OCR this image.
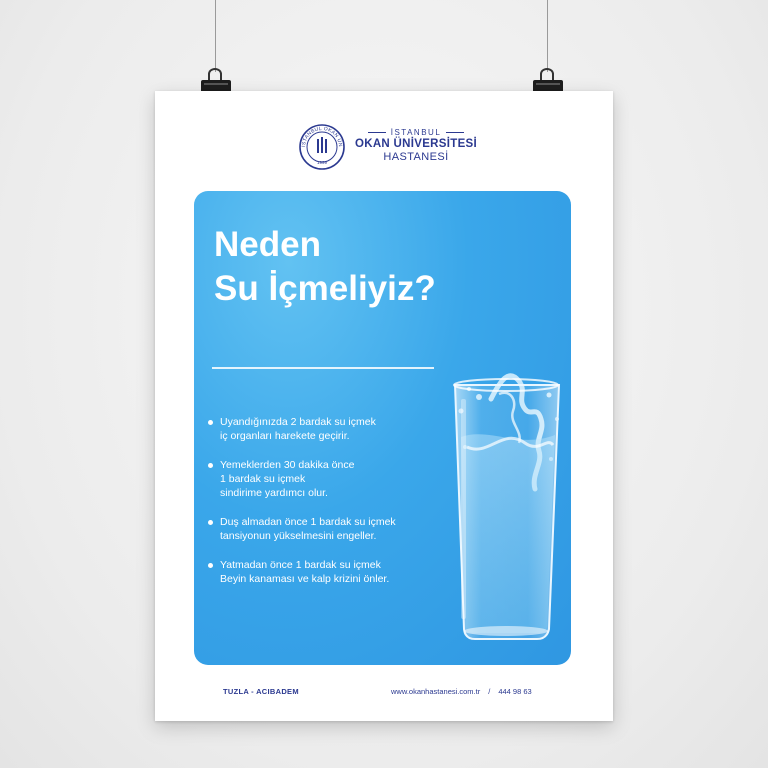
İSTANBUL OKAN ÜN
1999
İSTANBUL
OKAN ÜNİVERSİTESİ
HASTANESİ
Neden
Su İçmeliyiz?
Uyandığınızda 2 bardak su içmek
iç organları harekete geçirir.
Yemeklerden 30 dakika önce
1 bardak su içmek
sindirime yardımcı olur.
Duş almadan önce 1 bardak su içmek
tansiyonun yükselmesini engeller.
Yatmadan önce 1 bardak su içmek
Beyin kanaması ve kalp krizini önler.
TUZLA - ACIBADEM	www.okanhastanesi.com.tr / 444 98 63
